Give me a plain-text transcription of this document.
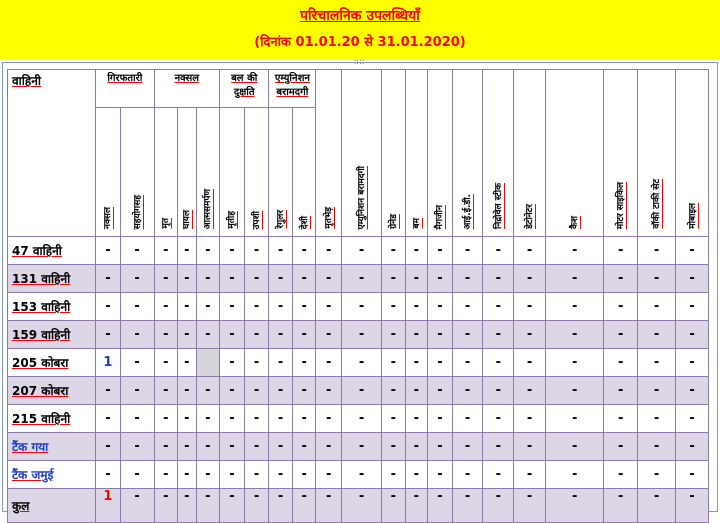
परिचालनिक उपलब्धियाँ
(दिनांक 01.01.20 से 31.01.2020)
::::
वाहिनी	गिरफतारी		नक्सल			बल की दुक्षति		एम्युनिशन बरामदगी		मृतभेड़	एम्युनिशन बरामदगी	ग्रेनेड	बम	मैगजीन	आई.ई.डी.	निद्रोवेल स्टीक	डेटोनेटर	कैश	मोटर साइकिल	वॉकी टाकी सेट	मोबाइल
	नक्सल	सहयोगसह	मृत	घायल	आत्मसमर्पण	मृतीह	उपशी	रेगुलर	देशी												
47 वाहिनी	-	-	-	-	-	-	-	-	-	-	-	-	-	-	-	-	-	-	-	-	-
131 वाहिनी	-	-	-	-	-	-	-	-	-	-	-	-	-	-	-	-	-	-	-	-	-
153 वाहिनी	-	-	-	-	-	-	-	-	-	-	-	-	-	-	-	-	-	-	-	-	-
159 वाहिनी	-	-	-	-	-	-	-	-	-	-	-	-	-	-	-	-	-	-	-	-	-
205 कोबरा	1	-	-	-		-	-	-	-	-	-	-	-	-	-	-	-	-	-	-	-
207 कोबरा	-	-	-	-	-	-	-	-	-	-	-	-	-	-	-	-	-	-	-	-	-
215 वाहिनी	-	-	-	-	-	-	-	-	-	-	-	-	-	-	-	-	-	-	-	-	-
टैंक गया	-	-	-	-	-	-	-	-	-	-	-	-	-	-	-	-	-	-	-	-	-
टैंक जमुई	-	-	-	-	-	-	-	-	-	-	-	-	-	-	-	-	-	-	-	-	-
कुल	1	-	-	-	-	-	-	-	-	-	-	-	-	-	-	-	-	-	-	-	-
